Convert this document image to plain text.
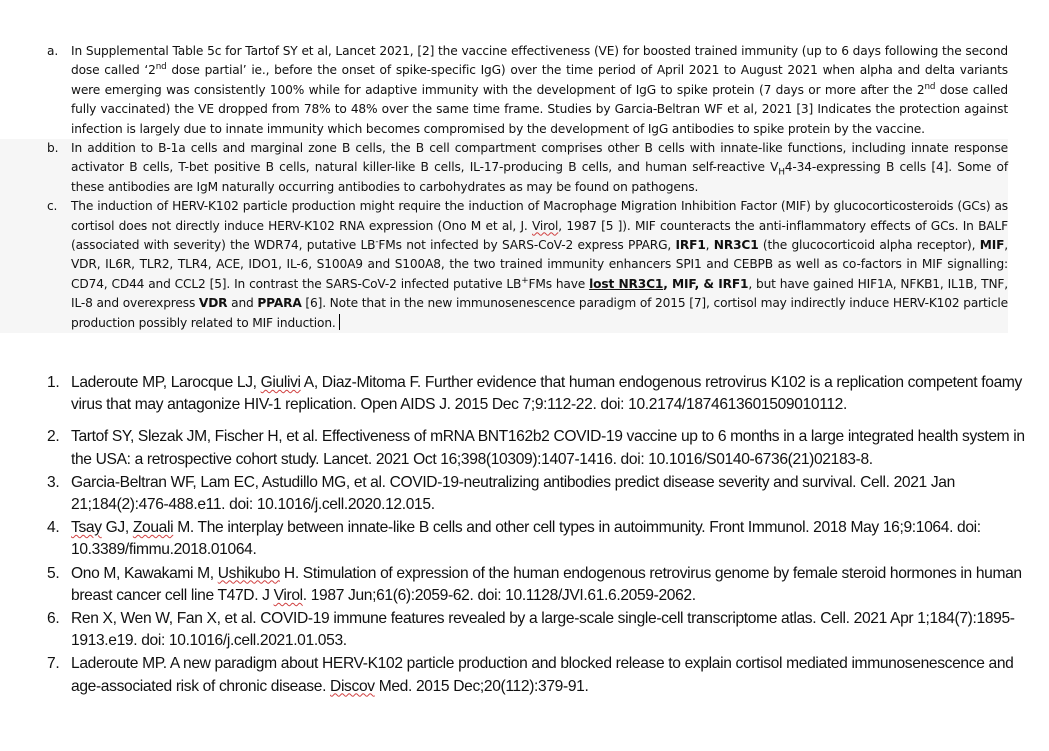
a. In Supplemental Table 5c for Tartof SY et al, Lancet 2021, [2] the vaccine effectiveness (VE) for boosted trained immunity (up to 6 days following the second dose called ‘2nd dose partial’ ie., before the onset of spike-specific IgG) over the time period of April 2021 to August 2021 when alpha and delta variants were emerging was consistently 100% while for adaptive immunity with the development of IgG to spike protein (7 days or more after the 2nd dose called fully vaccinated) the VE dropped from 78% to 48% over the same time frame. Studies by Garcia-Beltran WF et al, 2021 [3] Indicates the protection against infection is largely due to innate immunity which becomes compromised by the development of IgG antibodies to spike protein by the vaccine.
b. In addition to B-1a cells and marginal zone B cells, the B cell compartment comprises other B cells with innate-like functions, including innate response activator B cells, T-bet positive B cells, natural killer-like B cells, IL-17-producing B cells, and human self-reactive $V_H4-34$-expressing B cells [4]. Some of these antibodies are IgM naturally occurring antibodies to carbohydrates as may be found on pathogens.
c. The induction of HERV-K102 particle production might require the induction of Macrophage Migration Inhibition Factor (MIF) by glucocorticosteroids (GCs) as cortisol does not directly induce HERV-K102 RNA expression (Ono M et al, J. Virol, 1987 [5 ]). MIF counteracts the anti-inflammatory effects of GCs. In BALF (associated with severity) the WDR74, putative LB-FMs not infected by SARS-CoV-2 express PPARG, IRF1, NR3C1 (the glucocorticoid alpha receptor), MIF, VDR, IL6R, TLR2, TLR4, ACE, IDO1, IL-6, S100A9 and S100A8, the two trained immunity enhancers SPI1 and CEBPB as well as co-factors in MIF signalling: CD74, CD44 and CCL2 [5]. In contrast the SARS-CoV-2 infected putative LB+FMs have lost NR3C1, MIF, & IRF1, but have gained HIF1A, NFKB1, IL1B, TNF, IL-8 and overexpress VDR and PPARA [6]. Note that in the new immunosenescence paradigm of 2015 [7], cortisol may indirectly induce HERV-K102 particle production possibly related to MIF induction.
1. Laderoute MP, Larocque LJ, Giulivi A, Diaz-Mitoma F. Further evidence that human endogenous retrovirus K102 is a replication competent foamy virus that may antagonize HIV-1 replication. Open AIDS J. 2015 Dec 7;9:112-22. doi: 10.2174/1874613601509010112.
2. Tartof SY, Slezak JM, Fischer H, et al. Effectiveness of mRNA BNT162b2 COVID-19 vaccine up to 6 months in a large integrated health system in the USA: a retrospective cohort study. Lancet. 2021 Oct 16;398(10309):1407-1416. doi: 10.1016/S0140-6736(21)02183-8.
3. Garcia-Beltran WF, Lam EC, Astudillo MG, et al. COVID-19-neutralizing antibodies predict disease severity and survival. Cell. 2021 Jan 21;184(2):476-488.e11. doi: 10.1016/j.cell.2020.12.015.
4. Tsay GJ, Zouali M. The interplay between innate-like B cells and other cell types in autoimmunity. Front Immunol. 2018 May 16;9:1064. doi: 10.3389/fimmu.2018.01064.
5. Ono M, Kawakami M, Ushikubo H. Stimulation of expression of the human endogenous retrovirus genome by female steroid hormones in human breast cancer cell line T47D. J Virol. 1987 Jun;61(6):2059-62. doi: 10.1128/JVI.61.6.2059-2062.
6. Ren X, Wen W, Fan X, et al. COVID-19 immune features revealed by a large-scale single-cell transcriptome atlas. Cell. 2021 Apr 1;184(7):1895-1913.e19. doi: 10.1016/j.cell.2021.01.053.
7. Laderoute MP. A new paradigm about HERV-K102 particle production and blocked release to explain cortisol mediated immunosenescence and age-associated risk of chronic disease. Discov Med. 2015 Dec;20(112):379-91.
